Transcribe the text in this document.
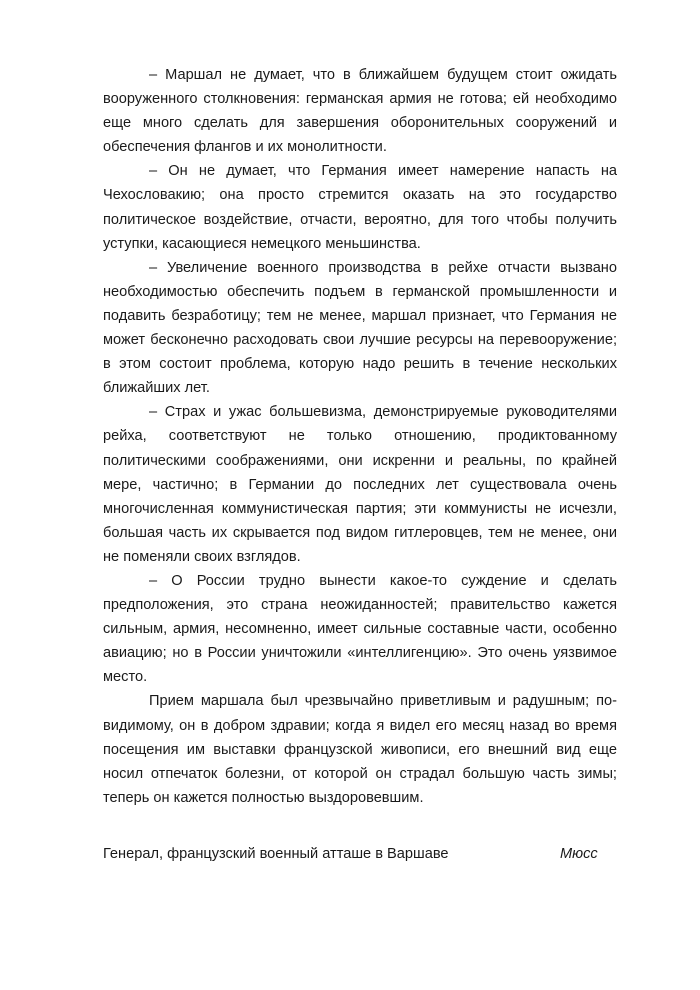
– Маршал не думает, что в ближайшем будущем стоит ожидать вооруженного столкновения: германская армия не готова; ей необходимо еще много сделать для завершения оборонительных сооружений и обеспечения флангов и их монолитности.

– Он не думает, что Германия имеет намерение напасть на Чехословакию; она просто стремится оказать на это государство политическое воздействие, отчасти, вероятно, для того чтобы получить уступки, касающиеся немецкого меньшинства.

– Увеличение военного производства в рейхе отчасти вызвано необходимостью обеспечить подъем в германской промышленности и подавить безработицу; тем не менее, маршал признает, что Германия не может бесконечно расходовать свои лучшие ресурсы на перевооружение; в этом состоит проблема, которую надо решить в течение нескольких ближайших лет.

– Страх и ужас большевизма, демонстрируемые руководителями рейха, соответствуют не только отношению, продиктованному политическими соображениями, они искренни и реальны, по крайней мере, частично; в Германии до последних лет существовала очень многочисленная коммунистическая партия; эти коммунисты не исчезли, большая часть их скрывается под видом гитлеровцев, тем не менее, они не поменяли своих взглядов.

– О России трудно вынести какое-то суждение и сделать предположения, это страна неожиданностей; правительство кажется сильным, армия, несомненно, имеет сильные составные части, особенно авиацию; но в России уничтожили «интеллигенцию». Это очень уязвимое место.

Прием маршала был чрезвычайно приветливым и радушным; по-видимому, он в добром здравии; когда я видел его месяц назад во время посещения им выставки французской живописи, его внешний вид еще носил отпечаток болезни, от которой он страдал большую часть зимы; теперь он кажется полностью выздоровевшим.

Генерал, французский военный атташе в Варшаве	Мюсс
